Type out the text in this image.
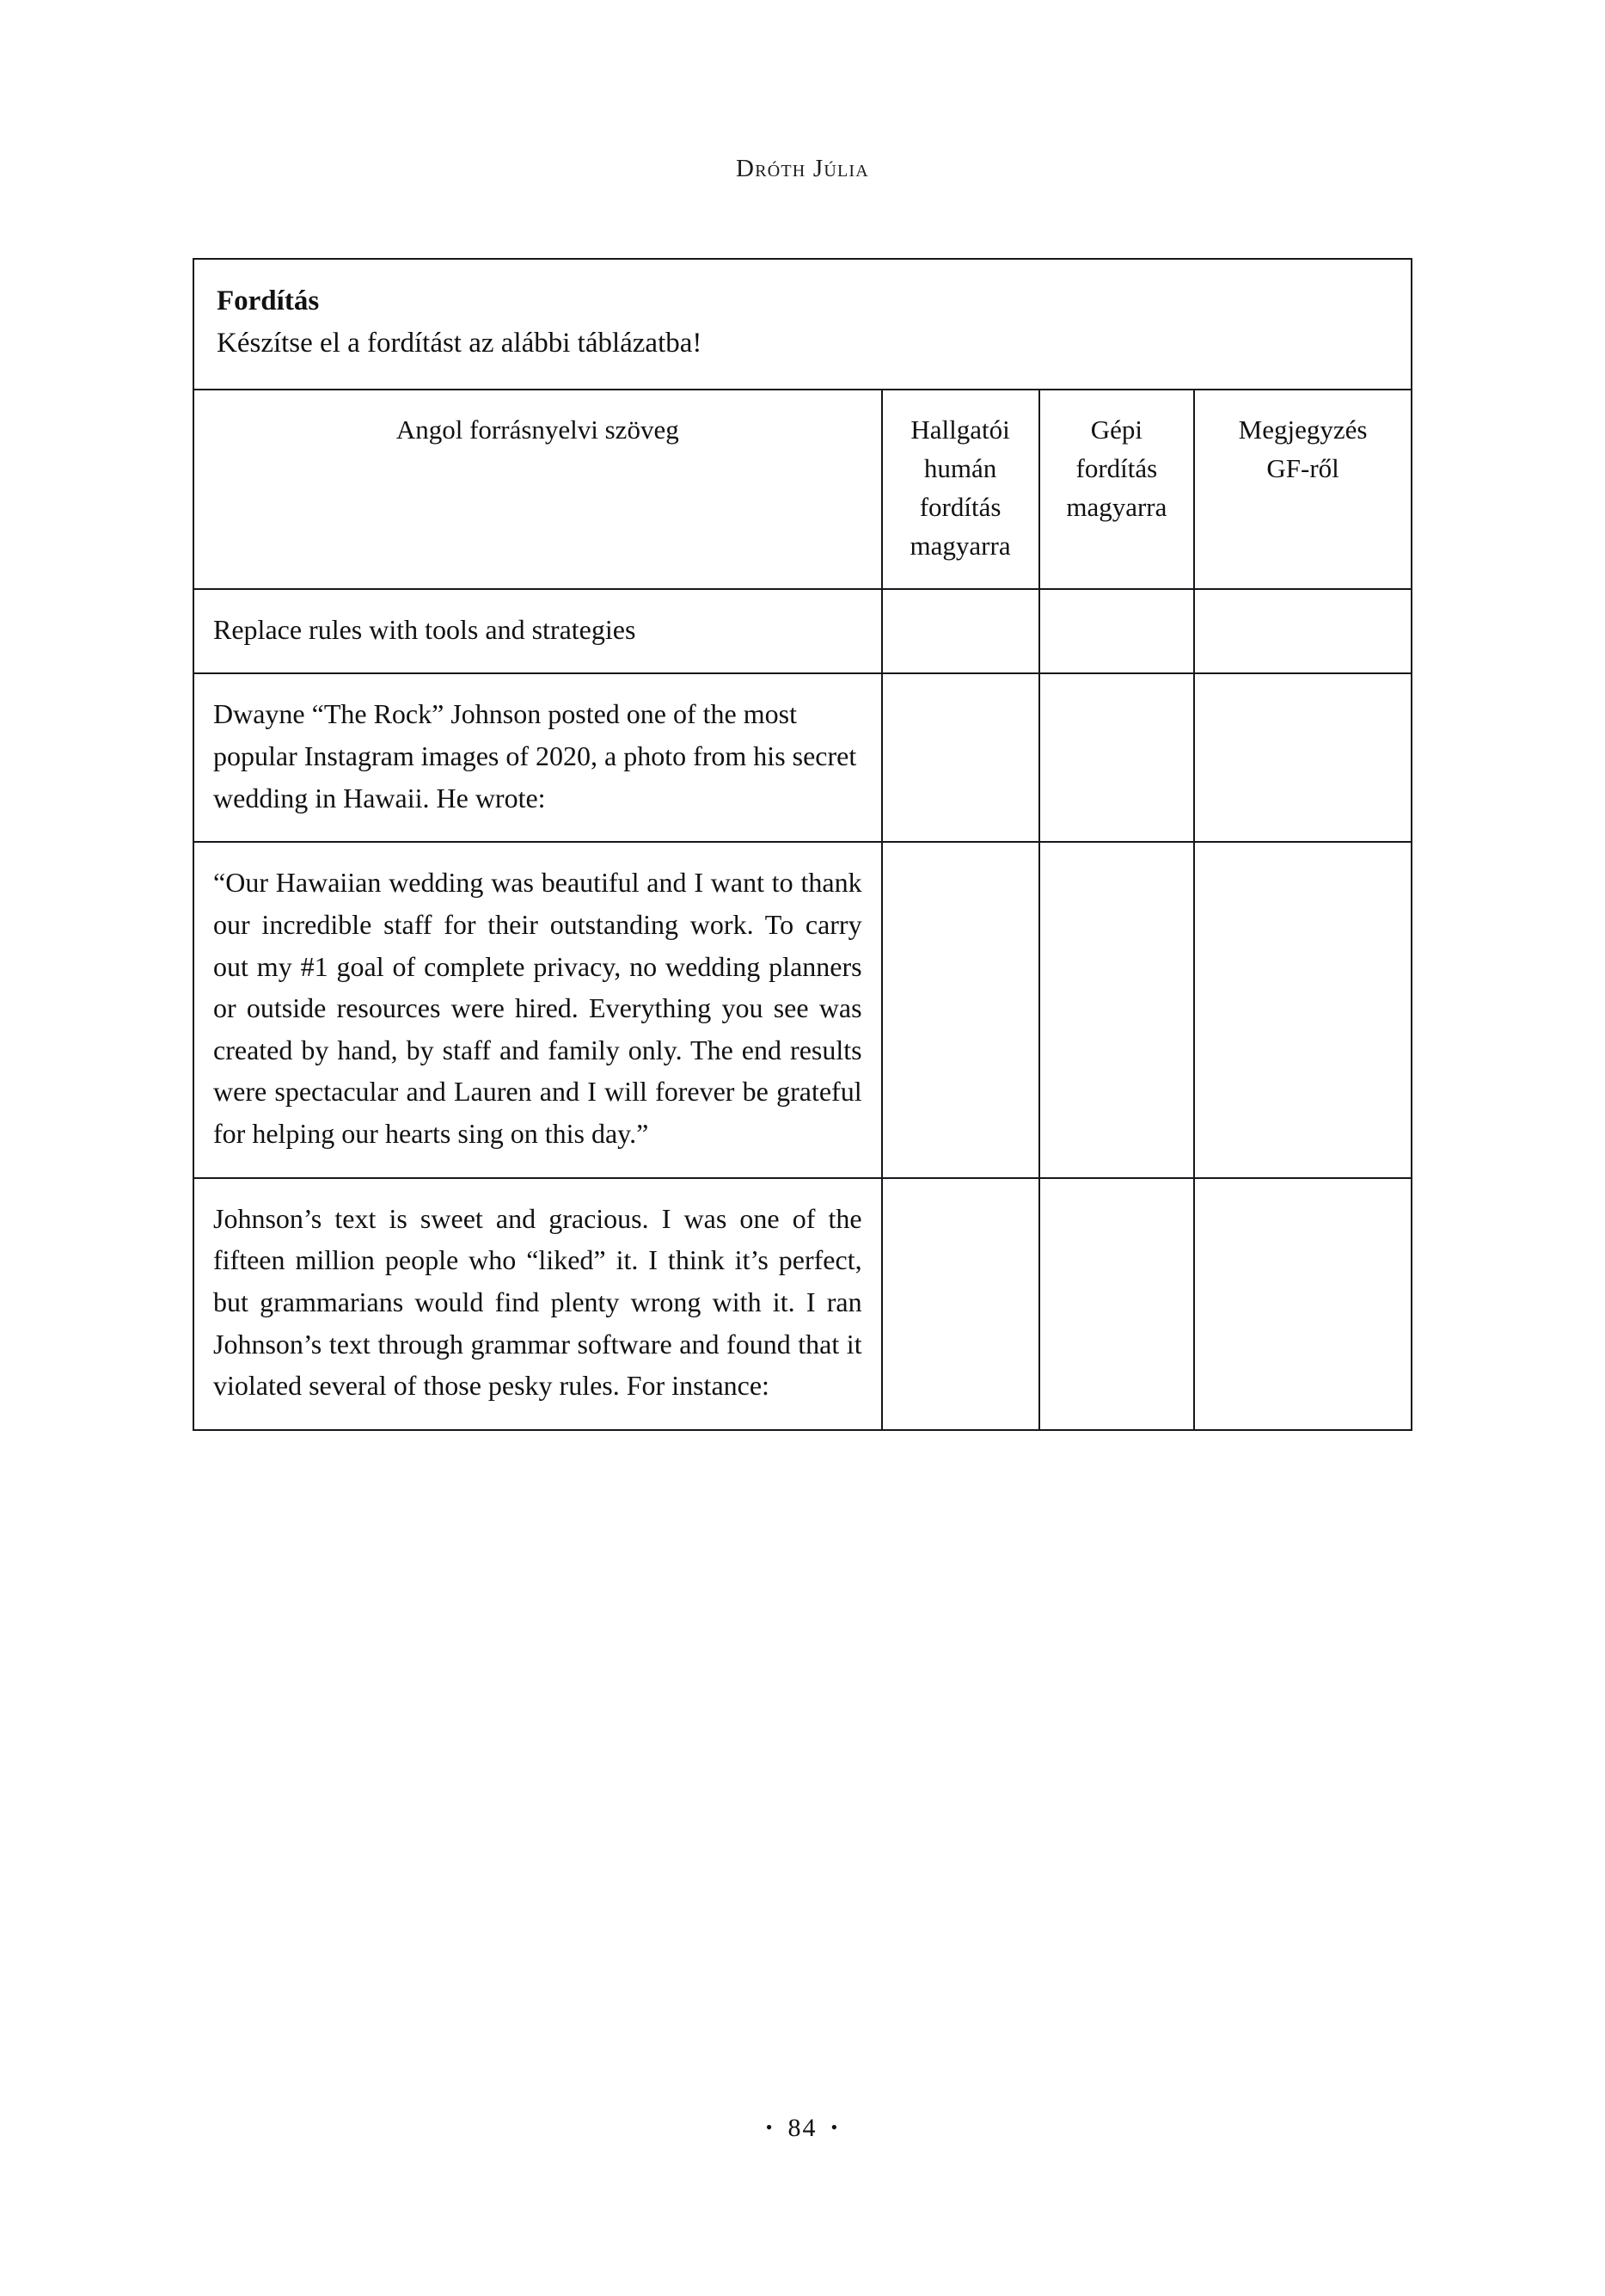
Dróth Júlia
Fordítás
Készítse el a fordítást az alábbi táblázatba!			

Angol forrásnyelvi szöveg	Hallgatói humán fordítás magyarra	Gépi fordítás magyarra	Megjegyzés GF-ről
Replace rules with tools and strategies			
Dwayne “The Rock” Johnson posted one of the most popular Instagram images of 2020, a photo from his secret wedding in Hawaii. He wrote:			
“Our Hawaiian wedding was beautiful and I want to thank our incredible staff for their outstanding work. To carry out my #1 goal of complete privacy, no wedding planners or outside resources were hired. Everything you see was created by hand, by staff and family only. The end results were spectacular and Lauren and I will forever be grateful for helping our hearts sing on this day.”			
Johnson’s text is sweet and gracious. I was one of the fifteen million people who “liked” it. I think it’s perfect, but grammarians would find plenty wrong with it. I ran Johnson’s text through grammar software and found that it violated several of those pesky rules. For instance:			
• 84 •
